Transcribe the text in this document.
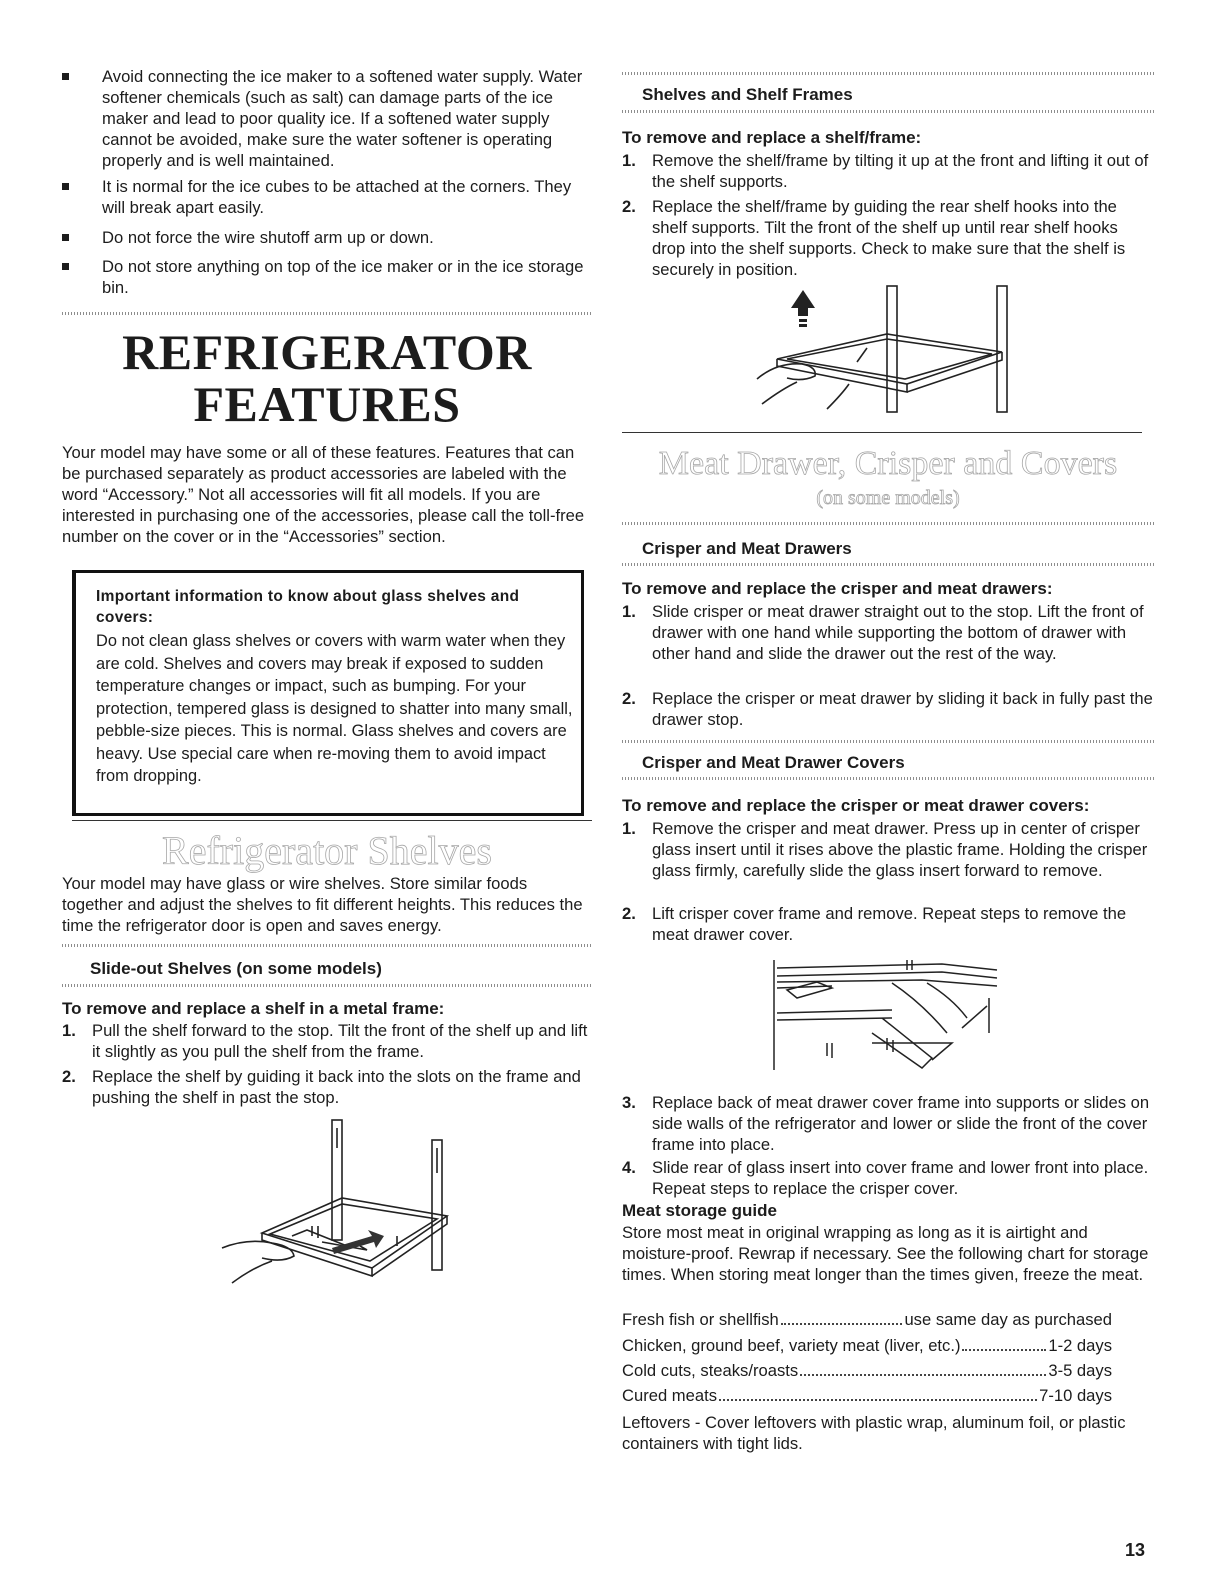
Avoid connecting the ice maker to a softened water supply. Water softener chemicals (such as salt) can damage parts of the ice maker and lead to poor quality ice. If a softened water supply cannot be avoided, make sure the water softener is operating properly and is well maintained.
It is normal for the ice cubes to be attached at the corners. They will break apart easily.
Do not force the wire shutoff arm up or down.
Do not store anything on top of the ice maker or in the ice storage bin.
REFRIGERATOR
FEATURES

Your model may have some or all of these features. Features that can be purchased separately as product accessories are labeled with the word “Accessory.” Not all accessories will fit all models. If you are interested in purchasing one of the accessories, please call the toll-free number on the cover or in the “Accessories” section.

Important information to know about glass shelves and covers:
Do not clean glass shelves or covers with warm water when they are cold. Shelves and covers may break if exposed to sudden temperature changes or impact, such as bumping. For your protection, tempered glass is designed to shatter into many small, pebble-size pieces. This is normal. Glass shelves and covers are heavy. Use special care when re-moving them to avoid impact from dropping.
Refrigerator Shelves

Your model may have glass or wire shelves. Store similar foods together and adjust the shelves to fit different heights. This reduces the time the refrigerator door is open and saves energy.

Slide-out Shelves (on some models)
To remove and replace a shelf in a metal frame:
1. Pull the shelf forward to the stop. Tilt the front of the shelf up and lift it slightly as you pull the shelf from the frame.
2. Replace the shelf by guiding it back into the slots on the frame and pushing the shelf in past the stop.
Shelves and Shelf Frames
To remove and replace a shelf/frame:
1. Remove the shelf/frame by tilting it up at the front and lifting it out of the shelf supports.
2. Replace the shelf/frame by guiding the rear shelf hooks into the shelf supports. Tilt the front of the shelf up until rear shelf hooks drop into the shelf supports. Check to make sure that the shelf is securely in position.
Meat Drawer, Crisper and Covers
(on some models)
Crisper and Meat Drawers
To remove and replace the crisper and meat drawers:
1. Slide crisper or meat drawer straight out to the stop. Lift the front of drawer with one hand while supporting the bottom of drawer with other hand and slide the drawer out the rest of the way.
2. Replace the crisper or meat drawer by sliding it back in fully past the drawer stop.
Crisper and Meat Drawer Covers
To remove and replace the crisper or meat drawer covers:
1. Remove the crisper and meat drawer. Press up in center of crisper glass insert until it rises above the plastic frame. Holding the crisper glass firmly, carefully slide the glass insert forward to remove.
2. Lift crisper cover frame and remove. Repeat steps to remove the meat drawer cover.
3. Replace back of meat drawer cover frame into supports or slides on side walls of the refrigerator and lower or slide the front of the cover frame into place.
4. Slide rear of glass insert into cover frame and lower front into place. Repeat steps to replace the crisper cover.
Meat storage guide

Store most meat in original wrapping as long as it is airtight and moisture-proof. Rewrap if necessary. See the following chart for storage times. When storing meat longer than the times given, freeze the meat.

Fresh fish or shellfish	use same day as purchased
Chicken, ground beef, variety meat (liver, etc.)	1-2 days
Cold cuts, steaks/roasts	3-5 days
Cured meats	7-10 days

Leftovers - Cover leftovers with plastic wrap, aluminum foil, or plastic containers with tight lids.

13
